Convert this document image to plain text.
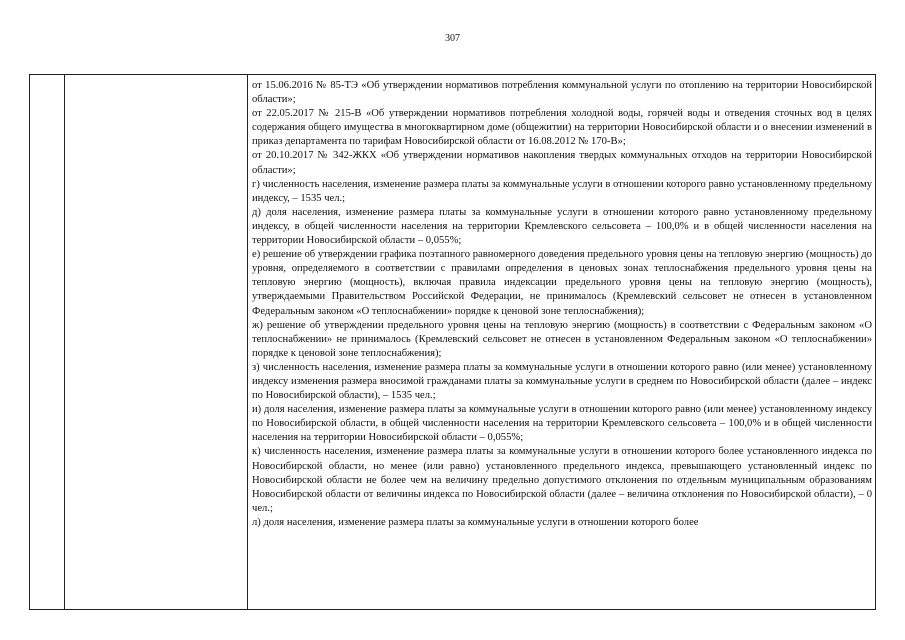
307

от 15.06.2016 № 85-ТЭ «Об утверждении нормативов потребления коммунальной услуги по отоплению на территории Новосибирской области»;

от 22.05.2017 № 215-В «Об утверждении нормативов потребления холодной воды, горячей воды и отведения сточных вод в целях содержания общего имущества в многоквартирном доме (общежитии) на территории Новосибирской области и о внесении изменений в приказ департамента по тарифам Новосибирской области от 16.08.2012 № 170-В»;

от 20.10.2017 № 342-ЖКХ «Об утверждении нормативов накопления твердых коммунальных отходов на территории Новосибирской области»;

г) численность населения, изменение размера платы за коммунальные услуги в отношении которого равно установленному предельному индексу, – 1535 чел.;

д) доля населения, изменение размера платы за коммунальные услуги в отношении которого равно установленному предельному индексу, в общей численности населения на территории Кремлевского сельсовета – 100,0% и в общей численности населения на территории Новосибирской области – 0,055%;

е) решение об утверждении графика поэтапного равномерного доведения предельного уровня цены на тепловую энергию (мощность) до уровня, определяемого в соответствии с правилами определения в ценовых зонах теплоснабжения предельного уровня цены на тепловую энергию (мощность), включая правила индексации предельного уровня цены на тепловую энергию (мощность), утверждаемыми Правительством Российской Федерации, не принималось (Кремлевский сельсовет не отнесен в установленном Федеральным законом «О теплоснабжении» порядке к ценовой зоне теплоснабжения);

ж) решение об утверждении предельного уровня цены на тепловую энергию (мощность) в соответствии с Федеральным законом «О теплоснабжении» не принималось (Кремлевский сельсовет не отнесен в установленном Федеральным законом «О теплоснабжении» порядке к ценовой зоне теплоснабжения);

з) численность населения, изменение размера платы за коммунальные услуги в отношении которого равно (или менее) установленному индексу изменения размера вносимой гражданами платы за коммунальные услуги в среднем по Новосибирской области (далее – индекс по Новосибирской области), – 1535 чел.;

и) доля населения, изменение размера платы за коммунальные услуги в отношении которого равно (или менее) установленному индексу по Новосибирской области, в общей численности населения на территории Кремлевского сельсовета – 100,0% и в общей численности населения на территории Новосибирской области – 0,055%;

к) численность населения, изменение размера платы за коммунальные услуги в отношении которого более установленного индекса по Новосибирской области, но менее (или равно) установленного предельного индекса, превышающего установленный индекс по Новосибирской области не более чем на величину предельно допустимого отклонения по отдельным муниципальным образованиям Новосибирской области от величины индекса по Новосибирской области (далее – величина отклонения по Новосибирской области), – 0 чел.;

л) доля населения, изменение размера платы за коммунальные услуги в отношении которого более
